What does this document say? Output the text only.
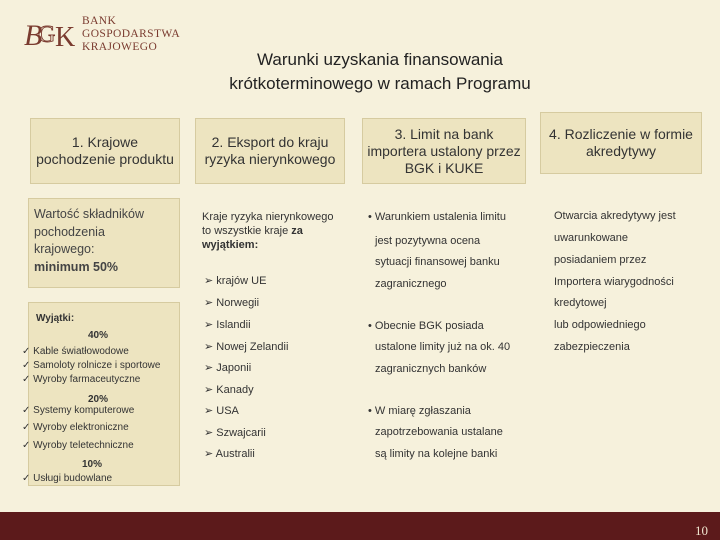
B
G K
BANK
GOSPODARSTWA
KRAJOWEGO
Warunki uzyskania finansowania
krótkoterminowego w ramach Programu
1. Krajowe pochodzenie produktu
2. Eksport do kraju ryzyka nierynkowego
3. Limit na bank importera ustalony przez BGK i KUKE
4. Rozliczenie w formie akredytywy
Wartość składników
pochodzenia
krajowego:
minimum 50%
Wyjątki:
40%
✓ Kable światłowodowe
✓ Samoloty rolnicze i sportowe
✓ Wyroby farmaceutyczne
20%
✓ Systemy komputerowe
✓ Wyroby elektroniczne
✓ Wyroby teletechniczne
10%
✓ Usługi budowlane
Kraje ryzyka nierynkowego
to wszystkie kraje za
wyjątkiem:
➢ krajów UE
➢ Norwegii
➢ Islandii
➢ Nowej Zelandii
➢ Japonii
➢ Kanady
➢ USA
➢ Szwajcarii
➢ Australii
• Warunkiem ustalenia limitu
jest pozytywna ocena
sytuacji finansowej banku
zagranicznego
• Obecnie BGK posiada
ustalone limity już na ok. 40
zagranicznych banków
• W miarę zgłaszania
zapotrzebowania ustalane
są limity na kolejne banki
Otwarcia akredytywy jest
uwarunkowane
posiadaniem przez
Importera wiarygodności
kredytowej
lub odpowiedniego
zabezpieczenia
10
